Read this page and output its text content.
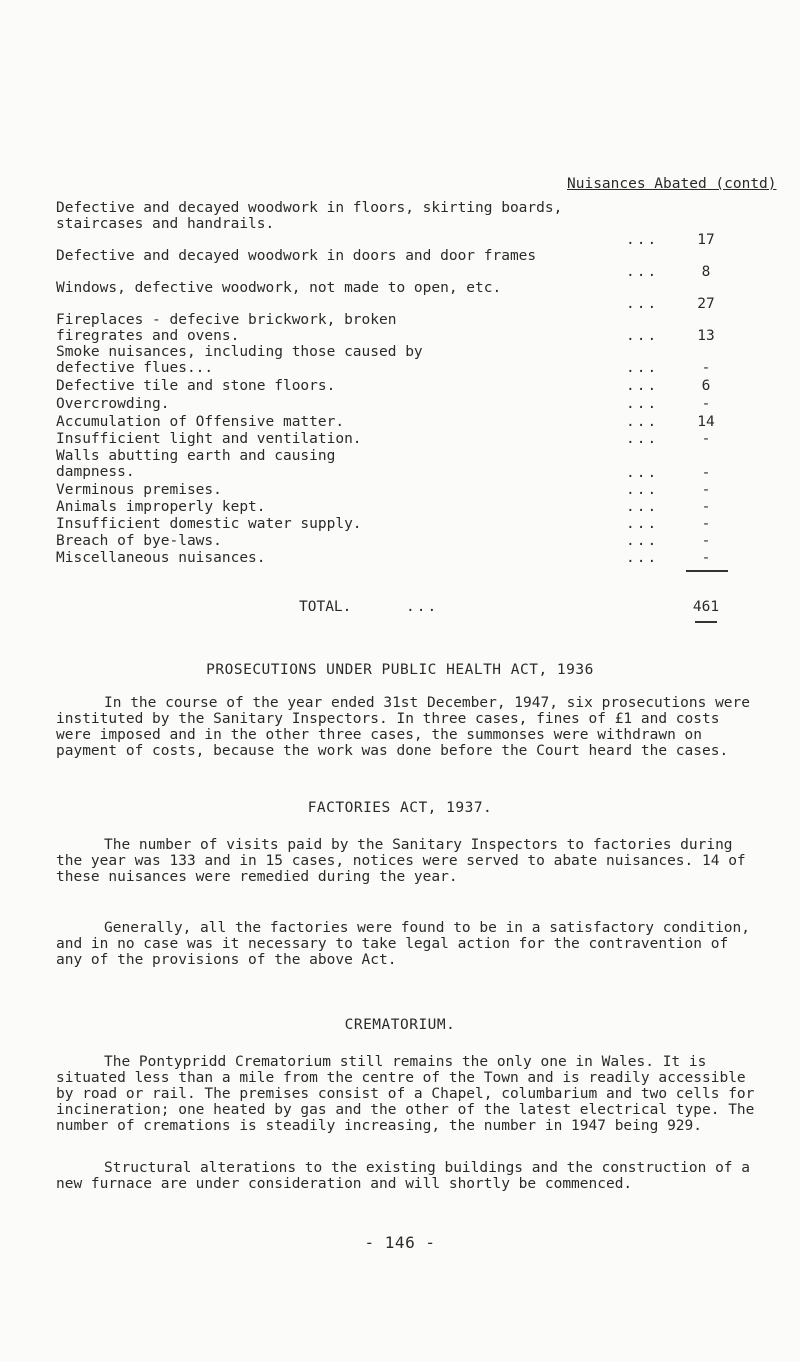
Nuisances Abated (contd)
Defective and decayed woodwork in floors, skirting boards, staircases and handrails.
...	17
Defective and decayed woodwork in doors and door frames
...	8
Windows, defective woodwork, not made to open, etc.
...	27
Fireplaces - defecive brickwork, broken firegrates and ovens.	...	13
Smoke nuisances, including those caused by defective flues...	...	-
Defective tile and stone floors.	...	6
Overcrowding.	...	-
Accumulation of Offensive matter.	...	14
Insufficient light and ventilation.	...	-
Walls abutting earth and causing dampness.	...	-
Verminous premises.	...	-
Animals improperly kept.	...	-
Insufficient domestic water supply.	...	-
Breach of bye-laws.	...	-
Miscellaneous nuisances.	...	-
TOTAL.	...	461
PROSECUTIONS UNDER PUBLIC HEALTH ACT, 1936
In the course of the year ended 31st December, 1947, six prosecutions were instituted by the Sanitary Inspectors. In three cases, fines of £1 and costs were imposed and in the other three cases, the summonses were withdrawn on payment of costs, because the work was done before the Court heard the cases.
FACTORIES ACT, 1937.
The number of visits paid by the Sanitary Inspectors to factories during the year was 133 and in 15 cases, notices were served to abate nuisances. 14 of these nuisances were remedied during the year.
Generally, all the factories were found to be in a satisfactory condition, and in no case was it necessary to take legal action for the contravention of any of the provisions of the above Act.
CREMATORIUM.
The Pontypridd Crematorium still remains the only one in Wales. It is situated less than a mile from the centre of the Town and is readily accessible by road or rail. The premises consist of a Chapel, columbarium and two cells for incineration; one heated by gas and the other of the latest electrical type. The number of cremations is steadily increasing, the number in 1947 being 929.
Structural alterations to the existing buildings and the construction of a new furnace are under consideration and will shortly be commenced.
- 146 -
